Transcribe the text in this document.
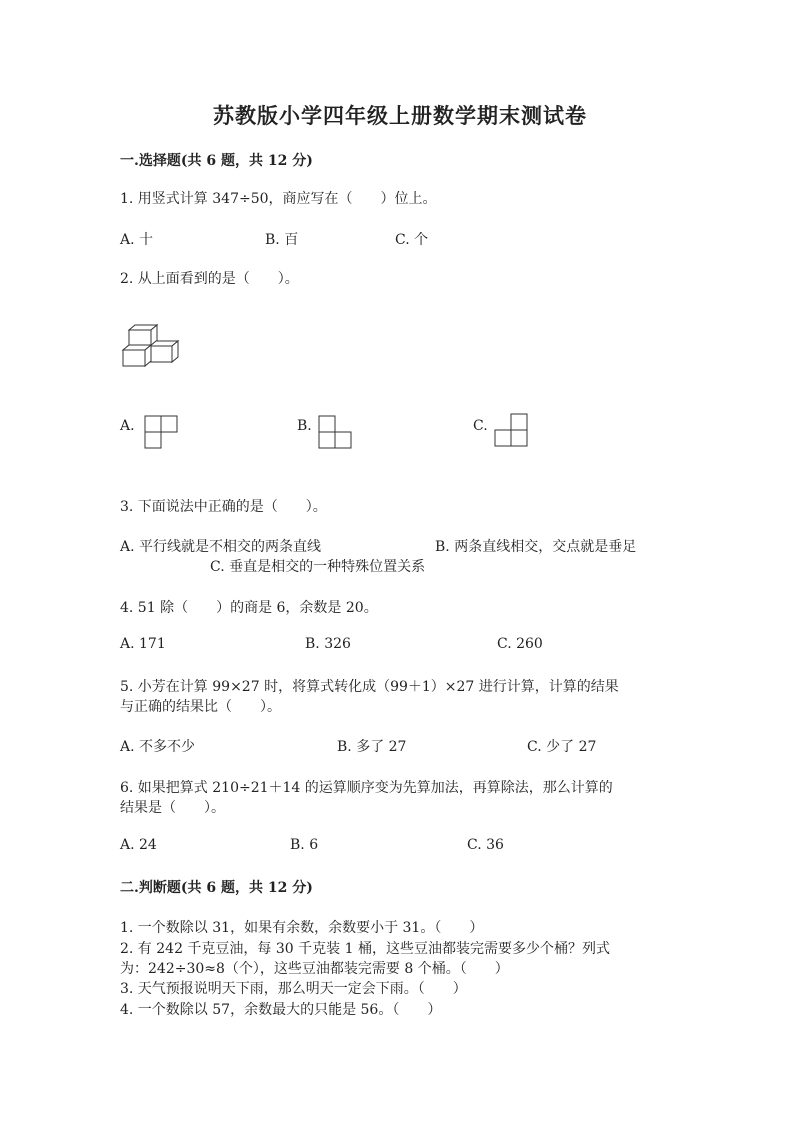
苏教版小学四年级上册数学期末测试卷
一.选择题(共 6 题，共 12 分)
1. 用竖式计算 347÷50，商应写在（　　）位上。
A. 十	B. 百	C. 个
2. 从上面看到的是（　　）。
A.	B.	C.
3. 下面说法中正确的是（　　）。
A. 平行线就是不相交的两条直线	B. 两条直线相交，交点就是垂足
C. 垂直是相交的一种特殊位置关系
4. 51 除（　　）的商是 6，余数是 20。
A. 171	B. 326	C. 260
5. 小芳在计算 99×27 时，将算式转化成（99＋1）×27 进行计算，计算的结果
与正确的结果比（　　）。
A. 不多不少	B. 多了 27	C. 少了 27
6. 如果把算式 210÷21＋14 的运算顺序变为先算加法，再算除法，那么计算的
结果是（　　）。
A. 24	B. 6	C. 36
二.判断题(共 6 题，共 12 分)
1. 一个数除以 31，如果有余数，余数要小于 31。（　　）
2. 有 242 千克豆油，每 30 千克装 1 桶，这些豆油都装完需要多少个桶？列式
为：242÷30≈8（个），这些豆油都装完需要 8 个桶。（　　）
3. 天气预报说明天下雨，那么明天一定会下雨。（　　）
4. 一个数除以 57，余数最大的只能是 56。（　　）
